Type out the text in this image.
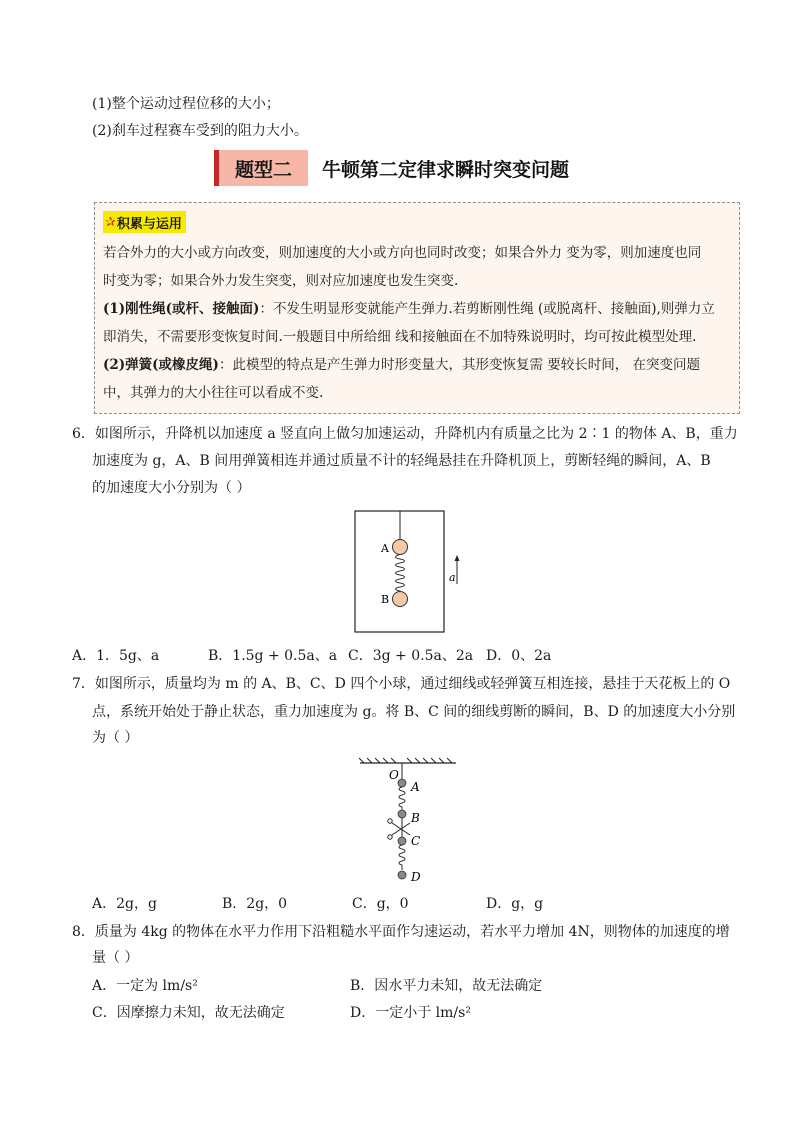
(1)整个运动过程位移的大小；
(2)刹车过程赛车受到的阻力大小。
题型二	牛顿第二定律求瞬时突变问题
✰ 积累与运用
若合外力的大小或方向改变，则加速度的大小或方向也同时改变；如果合外力 变为零，则加速度也同
时变为零；如果合外力发生突变，则对应加速度也发生突变.
(1)刚性绳(或杆、接触面)：不发生明显形变就能产生弹力.若剪断刚性绳 (或脱离杆、接触面),则弹力立
即消失，不需要形变恢复时间.一般题目中所给细 线和接触面在不加特殊说明时，均可按此模型处理.
(2)弹簧(或橡皮绳)：此模型的特点是产生弹力时形变量大，其形变恢复需 要较长时间， 在突变问题
中，其弹力的大小往往可以看成不变.
6．如图所示，升降机以加速度 a 竖直向上做匀加速运动，升降机内有质量之比为 2∶1 的物体 A、B，重力
加速度为 g，A、B 间用弹簧相连并通过质量不计的轻绳悬挂在升降机顶上，剪断轻绳的瞬间，A、B
的加速度大小分别为（ ）
A
B
a
A．1．5g、a	B．1.5g + 0.5a、a C．3g + 0.5a、2a D．0、2a
7．如图所示，质量均为 m 的 A、B、C、D 四个小球，通过细线或轻弹簧互相连接，悬挂于天花板上的 O
点，系统开始处于静止状态，重力加速度为 g。将 B、C 间的细线剪断的瞬间，B、D 的加速度大小分别
为（ ）
O
A
B
C
D
A．2g，g	B．2g，0	C．g，0	D．g，g
8．质量为 4kg 的物体在水平力作用下沿粗糙水平面作匀速运动，若水平力增加 4N，则物体的加速度的增
量（ ）
A．一定为 lm/s²	B．因水平力未知，故无法确定
C．因摩擦力未知，故无法确定	D．一定小于 lm/s²
